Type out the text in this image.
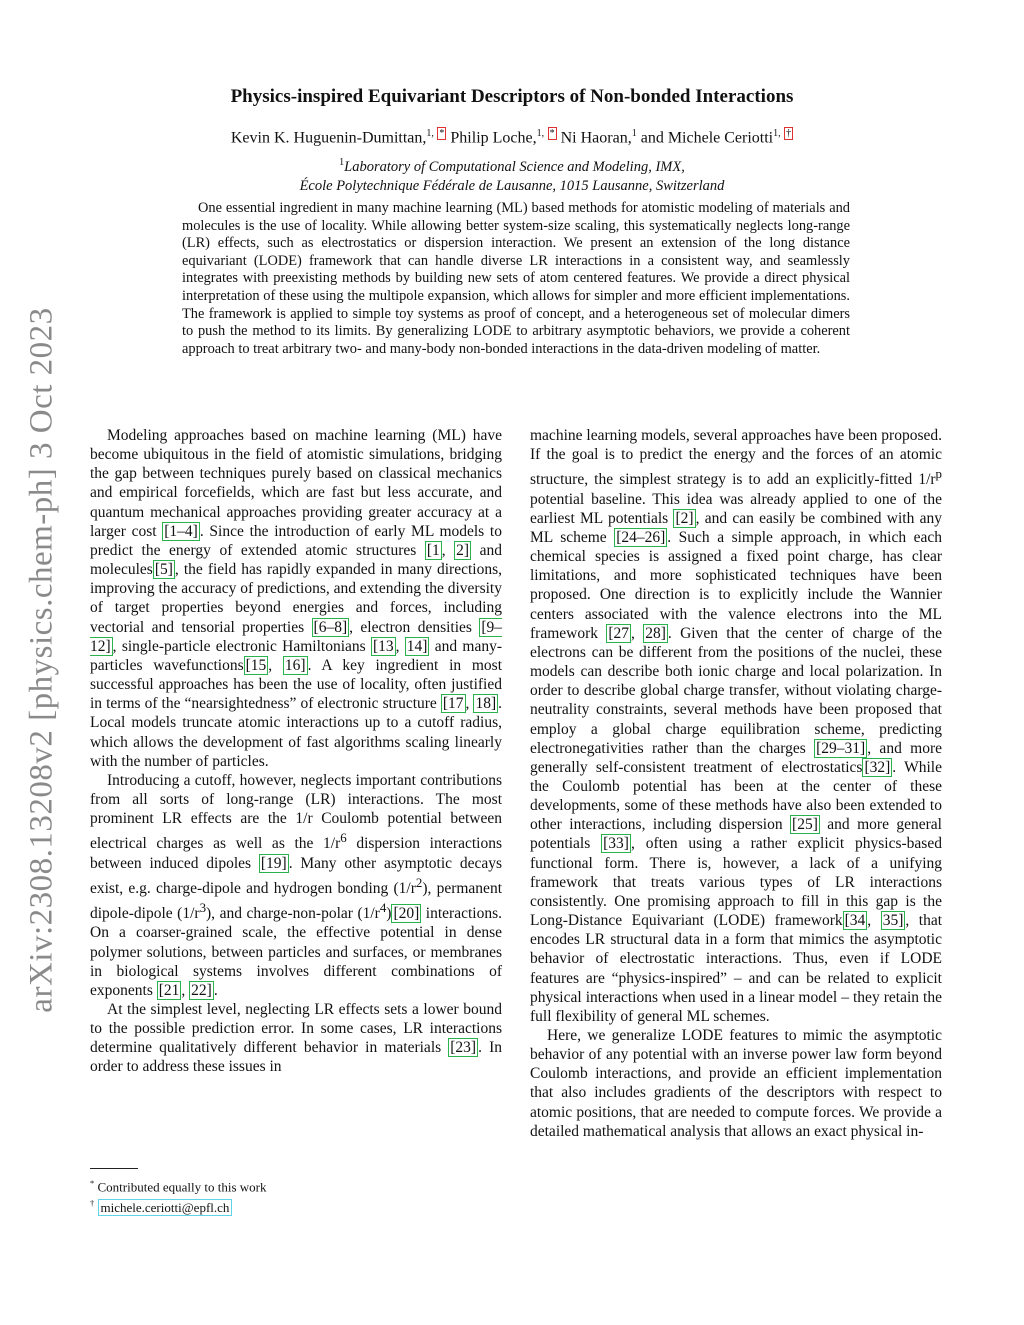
arXiv:2308.13208v2 [physics.chem-ph] 3 Oct 2023
Physics-inspired Equivariant Descriptors of Non-bonded Interactions
Kevin K. Huguenin-Dumittan,$^{1, *}$ Philip Loche,$^{1, *}$ Ni Haoran,$^1$ and Michele Ceriotti$^{1, \dagger}$
$^1$Laboratory of Computational Science and Modeling, IMX,
École Polytechnique Fédérale de Lausanne, 1015 Lausanne, Switzerland

One essential ingredient in many machine learning (ML) based methods for atomistic modeling of materials and molecules is the use of locality. While allowing better system-size scaling, this systematically neglects long-range (LR) effects, such as electrostatics or dispersion interaction. We present an extension of the long distance equivariant (LODE) framework that can handle diverse LR interactions in a consistent way, and seamlessly integrates with preexisting methods by building new sets of atom centered features. We provide a direct physical interpretation of these using the multipole expansion, which allows for simpler and more efficient implementations. The framework is applied to simple toy systems as proof of concept, and a heterogeneous set of molecular dimers to push the method to its limits. By generalizing LODE to arbitrary asymptotic behaviors, we provide a coherent approach to treat arbitrary two- and many-body non-bonded interactions in the data-driven modeling of matter.

Modeling approaches based on machine learning (ML) have become ubiquitous in the field of atomistic simulations, bridging the gap between techniques purely based on classical mechanics and empirical forcefields, which are fast but less accurate, and quantum mechanical approaches providing greater accuracy at a larger cost [1–4] . Since the introduction of early ML models to predict the energy of extended atomic structures [1 , 2] and molecules [5] , the field has rapidly expanded in many directions, improving the accuracy of predictions, and extending the diversity of target properties beyond energies and forces, including vectorial and tensorial properties [6–8] , electron densities [9–12] , single-particle electronic Hamiltonians [13 , 14] and many-particles wavefunctions [15 , 16] . A key ingredient in most successful approaches has been the use of locality, often justified in terms of the “nearsightedness” of electronic structure [17 , 18] . Local models truncate atomic interactions up to a cutoff radius, which allows the development of fast algorithms scaling linearly with the number of particles.

Introducing a cutoff, however, neglects important contributions from all sorts of long-range (LR) interactions. The most prominent LR effects are the 1/r Coulomb potential between electrical charges as well as the $1/r^6$ dispersion interactions between induced dipoles [19] . Many other asymptotic decays exist, e.g. charge-dipole and hydrogen bonding $(1/r^2)$, permanent dipole-dipole $(1/r^3)$, and charge-non-polar $(1/r^4)$ [20] interactions. On a coarser-grained scale, the effective potential in dense polymer solutions, between particles and surfaces, or membranes in biological systems involves different combinations of exponents [21 , 22] .

At the simplest level, neglecting LR effects sets a lower bound to the possible prediction error. In some cases, LR interactions determine qualitatively different behavior in materials [23] . In order to address these issues in

* Contributed equally to this work
† michele.ceriotti@epfl.ch

machine learning models, several approaches have been proposed. If the goal is to predict the energy and the forces of an atomic structure, the simplest strategy is to add an explicitly-fitted $1/r^p$ potential baseline. This idea was already applied to one of the earliest ML potentials [2] , and can easily be combined with any ML scheme [24–26] . Such a simple approach, in which each chemical species is assigned a fixed point charge, has clear limitations, and more sophisticated techniques have been proposed. One direction is to explicitly include the Wannier centers associated with the valence electrons into the ML framework [27 , 28] . Given that the center of charge of the electrons can be different from the positions of the nuclei, these models can describe both ionic charge and local polarization. In order to describe global charge transfer, without violating charge-neutrality constraints, several methods have been proposed that employ a global charge equilibration scheme, predicting electronegativities rather than the charges [29–31] , and more generally self-consistent treatment of electrostatics [32] . While the Coulomb potential has been at the center of these developments, some of these methods have also been extended to other interactions, including dispersion [25] and more general potentials [33] , often using a rather explicit physics-based functional form. There is, however, a lack of a unifying framework that treats various types of LR interactions consistently. One promising approach to fill in this gap is the Long-Distance Equivariant (LODE) framework [34 , 35] , that encodes LR structural data in a form that mimics the asymptotic behavior of electrostatic interactions. Thus, even if LODE features are “physics-inspired” – and can be related to explicit physical interactions when used in a linear model – they retain the full flexibility of general ML schemes.

Here, we generalize LODE features to mimic the asymptotic behavior of any potential with an inverse power law form beyond Coulomb interactions, and provide an efficient implementation that also includes gradients of the descriptors with respect to atomic positions, that are needed to compute forces. We provide a detailed mathematical analysis that allows an exact physical in-
